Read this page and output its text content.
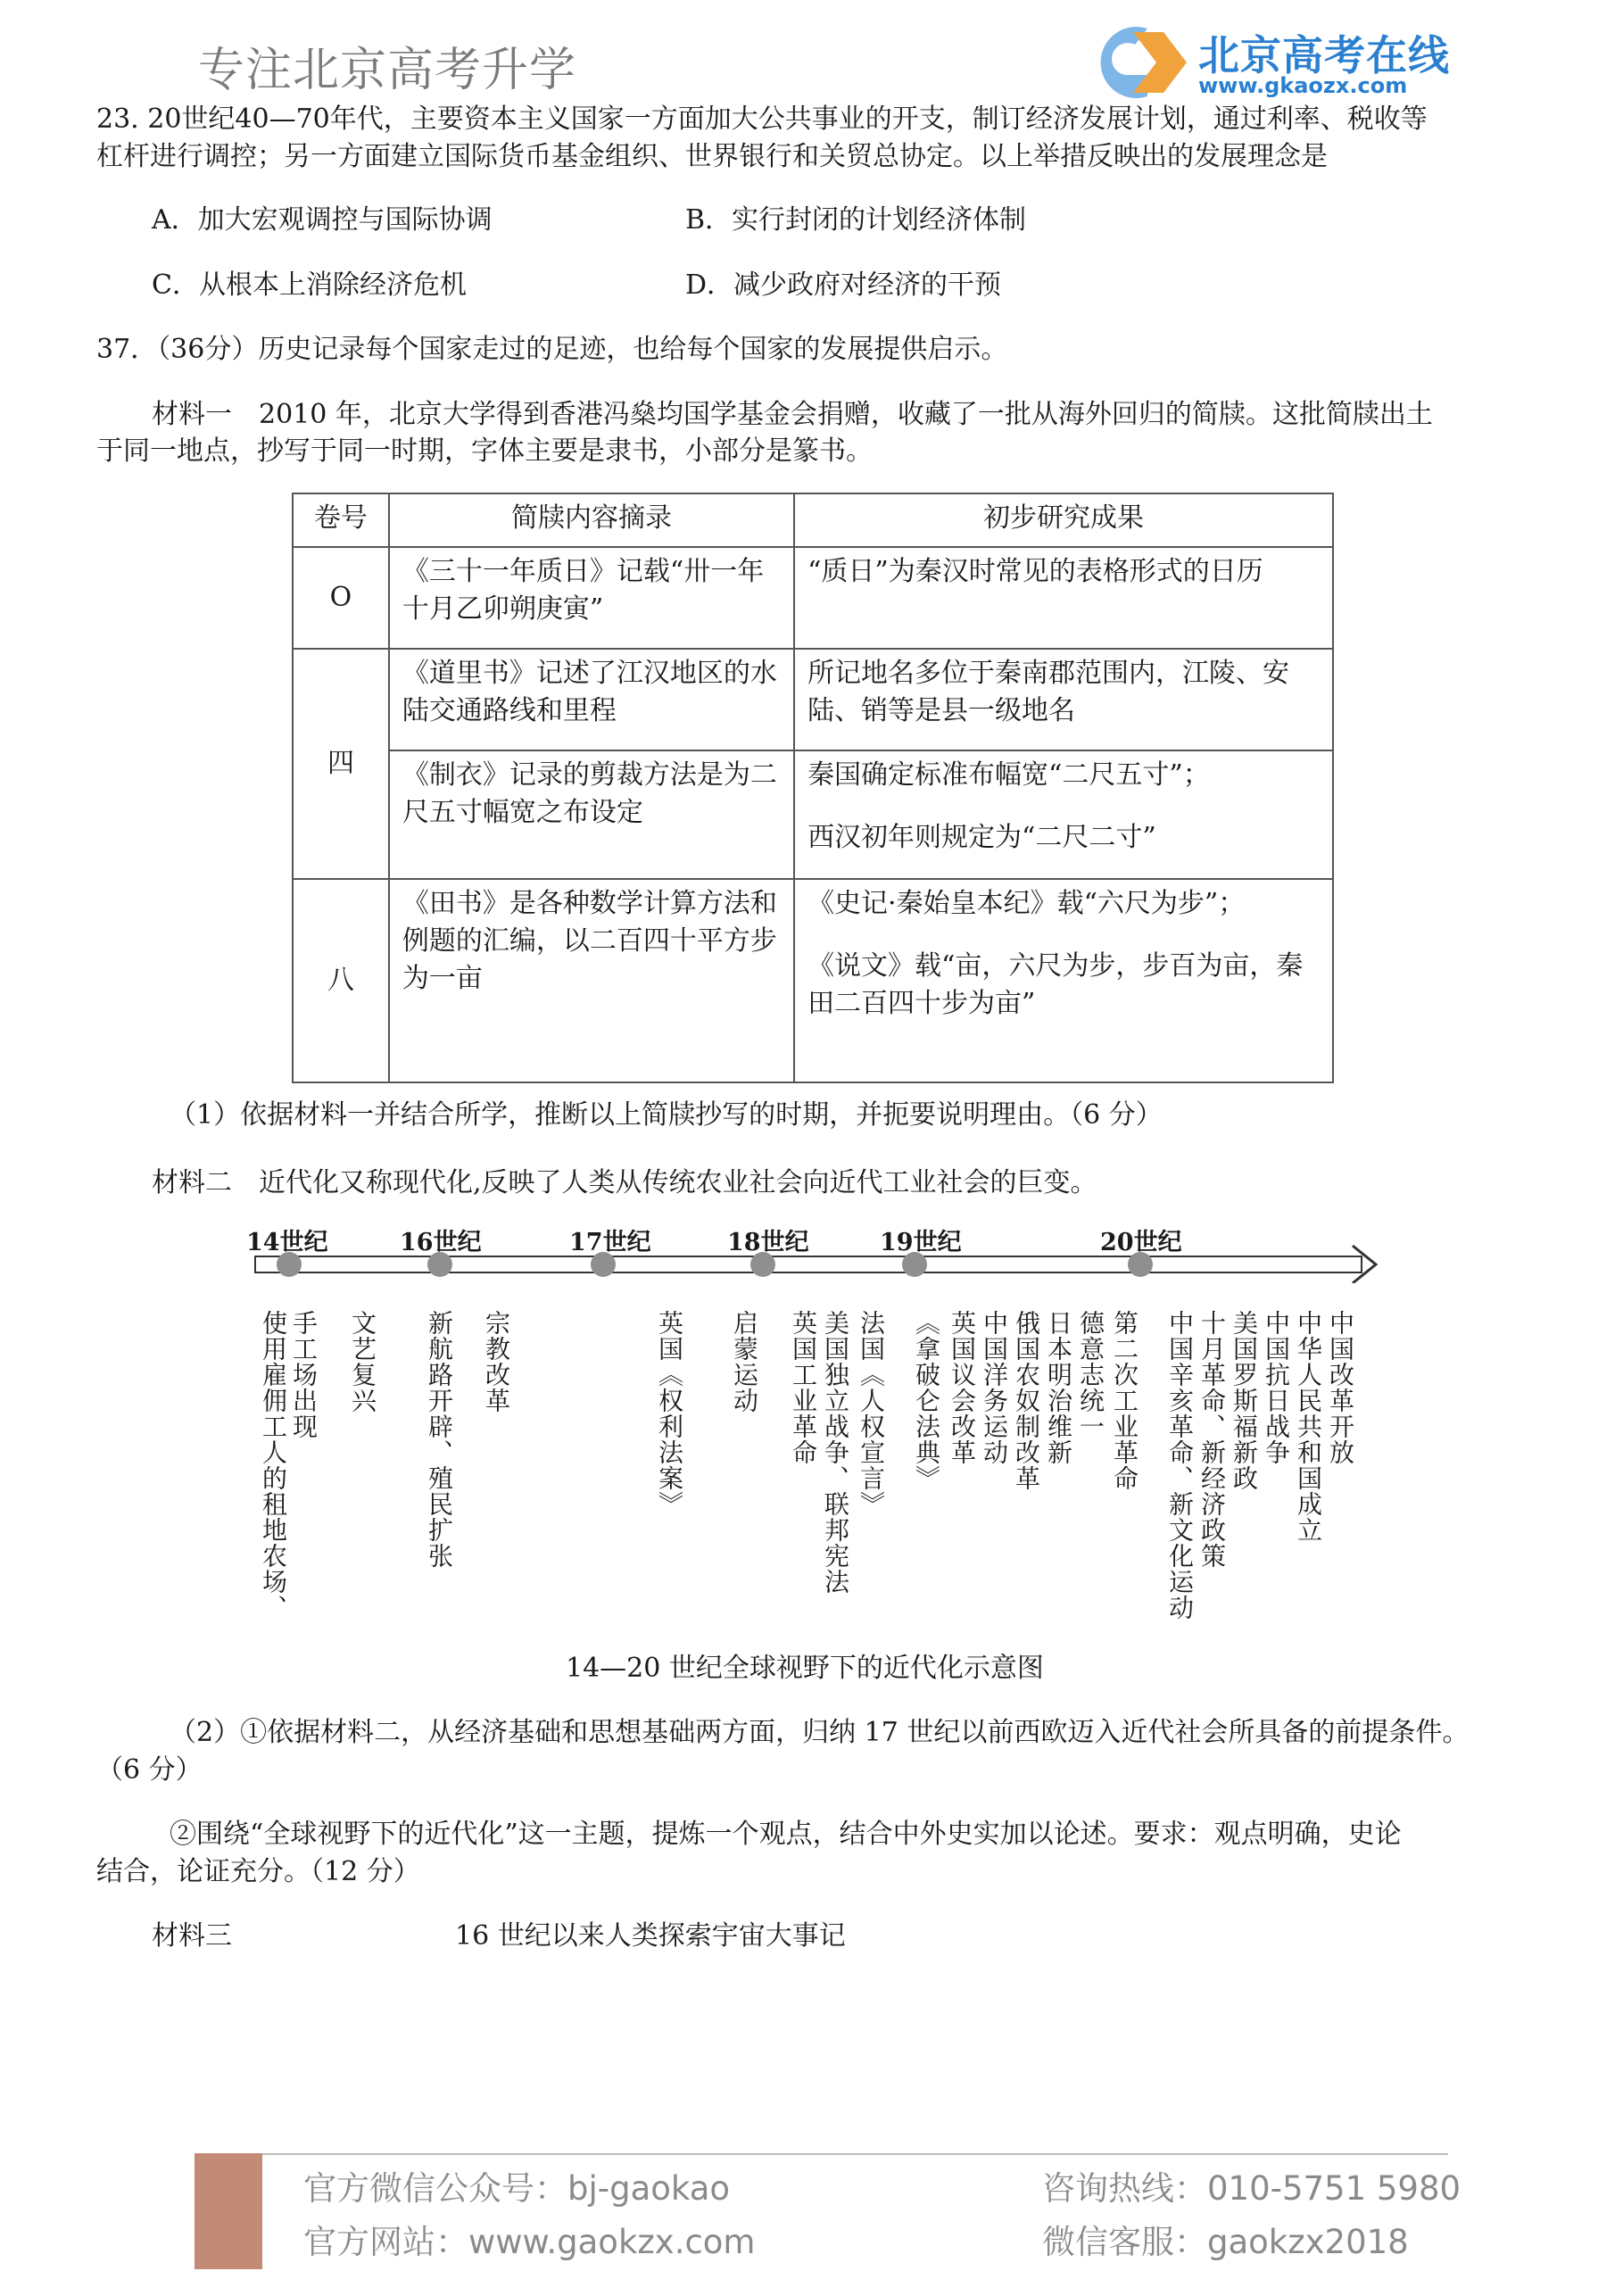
专注北京高考升学	北京高考在线
www.gkaozx.com
23. 20世纪40—70年代，主要资本主义国家一方面加大公共事业的开支，制订经济发展计划，通过利率、税收等
杠杆进行调控；另一方面建立国际货币基金组织、世界银行和关贸总协定。以上举措反映出的发展理念是
A．加大宏观调控与国际协调	B．实行封闭的计划经济体制
C．从根本上消除经济危机	D．减少政府对经济的干预
37．（36分）历史记录每个国家走过的足迹，也给每个国家的发展提供启示。
材料一　2010 年，北京大学得到香港冯燊均国学基金会捐赠，收藏了一批从海外回归的简牍。这批简牍出土
于同一地点，抄写于同一时期，字体主要是隶书，小部分是篆书。
卷号	简牍内容摘录	初步研究成果
O	《三十一年质日》记载“卅一年十月乙卯朔庚寅”	“质日”为秦汉时常见的表格形式的日历
四	《道里书》记述了江汉地区的水陆交通路线和里程	所记地名多位于秦南郡范围内，江陵、安陆、销等是县一级地名
	《制衣》记录的剪裁方法是为二尺五寸幅宽之布设定	秦国确定标准布幅宽“二尺五寸”；
西汉初年则规定为“二尺二寸”
八	《田书》是各种数学计算方法和例题的汇编，以二百四十平方步为一亩	《史记·秦始皇本纪》载“六尺为步”；
《说文》载“亩，六尺为步，步百为亩，秦田二百四十步为亩”
（1）依据材料一并结合所学，推断以上简牍抄写的时期，并扼要说明理由。（6 分）
材料二　近代化又称现代化,反映了人类从传统农业社会向近代工业社会的巨变。
14世纪	16世纪	17世纪	18世纪	19世纪	20世纪
手工场出现
使用雇佣工人的租地农场、 文艺复兴 新航路开辟、殖民扩张 宗教改革	英国《权利法案》 启蒙运动 英国工业革命 美国独立战争、联邦宪法 法国《人权宣言》 《拿破仑法典》 英国议会改革 中国洋务运动 俄国农奴制改革 日本明治维新 德意志统一 第二次工业革命 中国辛亥革命、新文化运动 十月革命、新经济政策 美国罗斯福新政 中国抗日战争 中华人民共和国成立 中国改革开放
14—20 世纪全球视野下的近代化示意图
（2）①依据材料二，从经济基础和思想基础两方面，归纳 17 世纪以前西欧迈入近代社会所具备的前提条件。
（6 分）
②围绕“全球视野下的近代化”这一主题，提炼一个观点，结合中外史实加以论述。要求：观点明确，史论
结合，论证充分。（12 分）
材料三	16 世纪以来人类探索宇宙大事记
官方微信公众号：bj-gaokao
官方网站：www.gaokzx.com
咨询热线：010-5751 5980
微信客服：gaokzx2018
